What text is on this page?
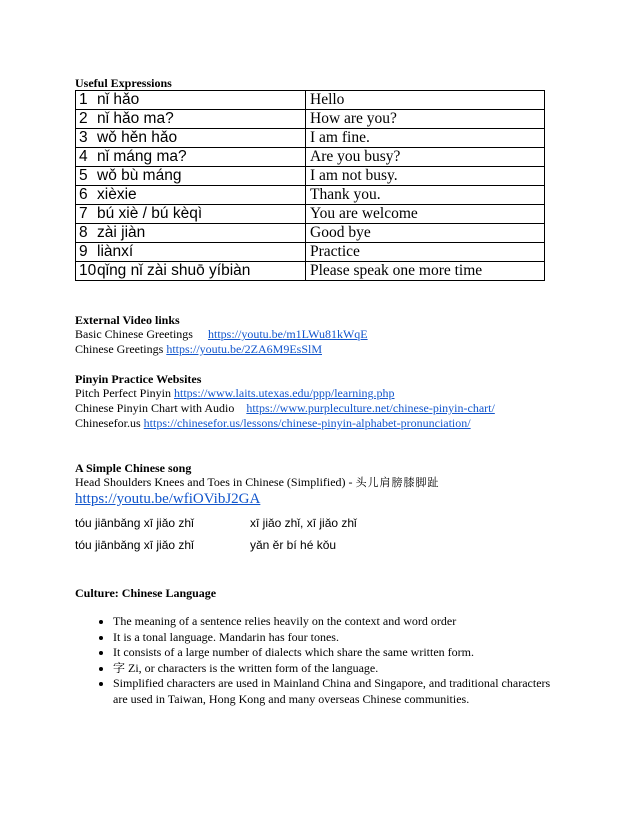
Useful Expressions

1 nǐ hǎo	Hello
2 nǐ hǎo ma?	How are you?
3 wǒ hěn hǎo	I am fine.
4 nǐ máng ma?	Are you busy?
5 wǒ bù máng	I am not busy.
6 xièxie	Thank you.
7 bú xiè / bú kèqì	You are welcome
8 zài jiàn	Good bye
9 liànxí	Practice
10qǐng nǐ zài shuō yíbiàn	Please speak one more time

External Video links

Basic Chinese Greetings https://youtu.be/m1LWu81kWqE

Chinese Greetings https://youtu.be/2ZA6M9EsSlM

Pinyin Practice Websites

Pitch Perfect Pinyin https://www.laits.utexas.edu/ppp/learning.php

Chinese Pinyin Chart with Audio https://www.purpleculture.net/chinese-pinyin-chart/

Chinesefor.us https://chinesefor.us/lessons/chinese-pinyin-alphabet-pronunciation/

A Simple Chinese song

Head Shoulders Knees and Toes in Chinese (Simplified) - 头儿肩膀膝脚趾

https://youtu.be/wfiOVibJ2GA

tóu jiānbǎng xī jiǎo zhǐ	xī jiǎo zhǐ, xī jiǎo zhǐ
tóu jiānbǎng xī jiǎo zhǐ	yǎn ěr bí hé kǒu

Culture: Chinese Language

• The meaning of a sentence relies heavily on the context and word order
• It is a tonal language. Mandarin has four tones.
• It consists of a large number of dialects which share the same written form.
• 字 Zi, or characters is the written form of the language.
• Simplified characters are used in Mainland China and Singapore, and traditional characters are used in Taiwan, Hong Kong and many overseas Chinese communities.
